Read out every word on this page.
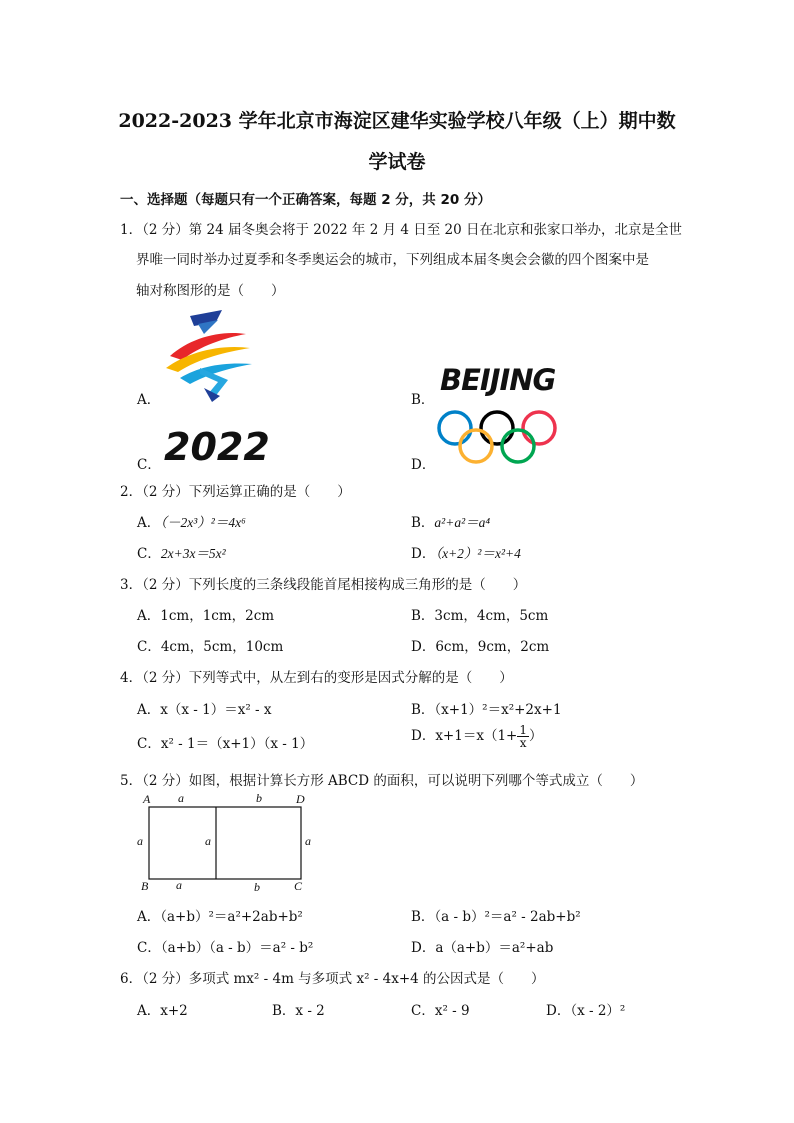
2022-2023 学年北京市海淀区建华实验学校八年级（上）期中数
学试卷
一、选择题（每题只有一个正确答案，每题 2 分，共 20 分）
1．（2 分）第 24 届冬奥会将于 2022 年 2 月 4 日至 20 日在北京和张家口举办，北京是全世
界唯一同时举办过夏季和冬季奥运会的城市，下列组成本届冬奥会会徽的四个图案中是
轴对称图形的是（　　）
A．	B．
C．	D．
BEIJING
2022
2．（2 分）下列运算正确的是（　　）
A．（－2x³）²＝4x⁶	B．a²+a²＝a⁴
C．2x+3x＝5x²	D．（x+2）²＝x²+4
3．（2 分）下列长度的三条线段能首尾相接构成三角形的是（　　）
A．1cm，1cm，2cm	B．3cm，4cm，5cm
C．4cm，5cm，10cm	D．6cm，9cm，2cm
4．（2 分）下列等式中，从左到右的变形是因式分解的是（　　）
A．x（x - 1）＝x² - x	B．（x+1）²＝x²+2x+1
C．x² - 1＝（x+1）（x - 1）	D．$x+1=x(1+ \frac{1}{x}$ ）
5．（2 分）如图，根据计算长方形 ABCD 的面积，可以说明下列哪个等式成立（　　）
A a	b	D
a	a	a
B a	b	C
A．（a+b）²＝a²+2ab+b²	B．（a - b）²＝a² - 2ab+b²
C．（a+b）（a - b）＝a² - b²	D．a（a+b）＝a²+ab
6．（2 分）多项式 mx² - 4m 与多项式 x² - 4x+4 的公因式是（　　）
A．x+2	B．x - 2	C．x² - 9	D．（x - 2）²
